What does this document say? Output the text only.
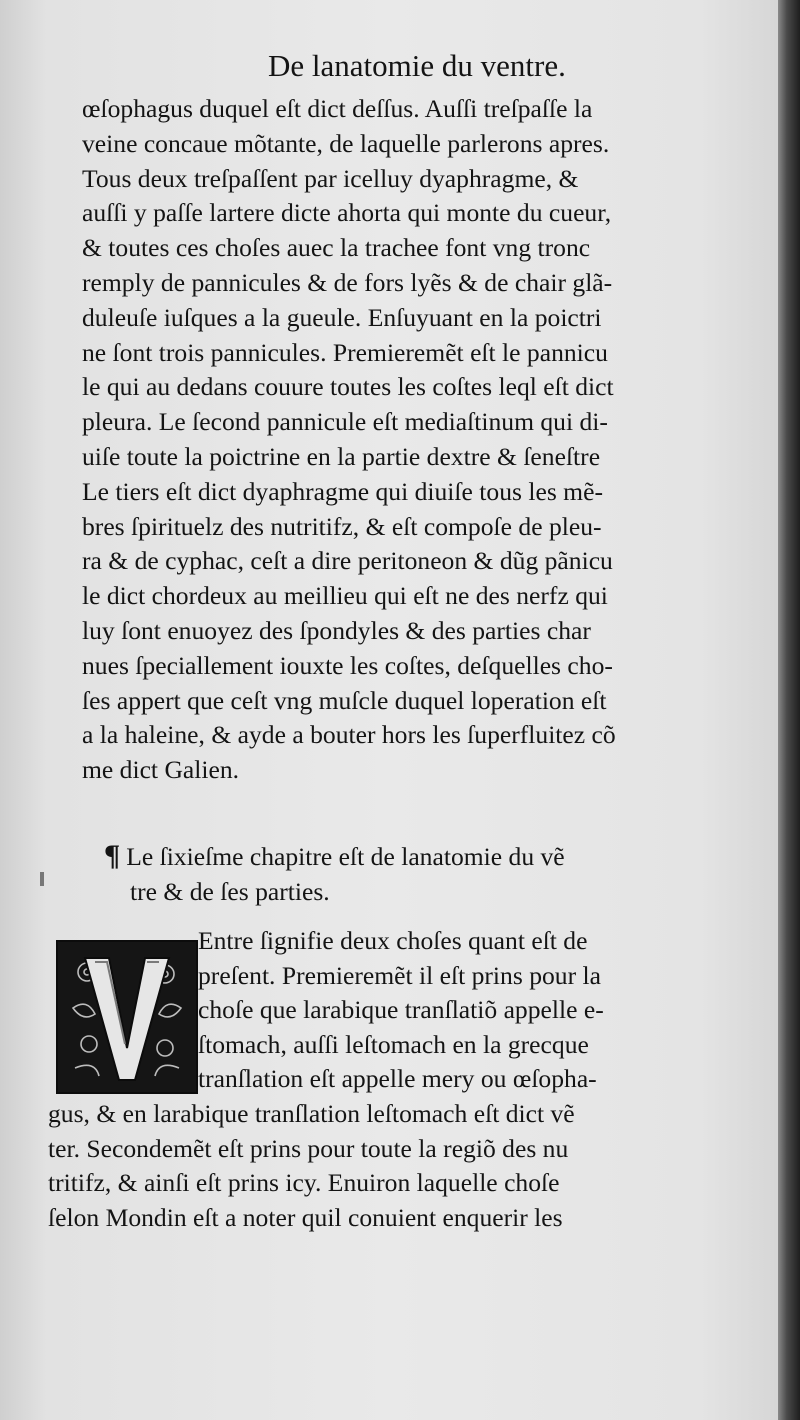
De lanatomie du ventre.
œſophagus duquel eſt dict deſſus. Auſſi treſpaſſe la
veine concaue mõtante, de laquelle parlerons apres.
Tous deux treſpaſſent par icelluy dyaphragme, &
auſſi y paſſe lartere dicte ahorta qui monte du cueur,
& toutes ces choſes auec la trachee font vng tronc
remply de pannicules & de fors lyẽs & de chair glã-
duleuſe iuſques a la gueule. Enſuyuant en la poictri
ne ſont trois pannicules. Premieremẽt eſt le pannicu
le qui au dedans couure toutes les coſtes leql eſt dict
pleura. Le ſecond pannicule eſt mediaſtinum qui di-
uiſe toute la poictrine en la partie dextre & ſeneſtre
Le tiers eſt dict dyaphragme qui diuiſe tous les mẽ-
bres ſpirituelz des nutritifz, & eſt compoſe de pleu-
ra & de cyphac, ceſt a dire peritoneon & dũg pãnicu
le dict chordeux au meillieu qui eſt ne des nerfz qui
luy ſont enuoyez des ſpondyles & des parties char
nues ſpeciallement iouxte les coſtes, deſquelles cho-
ſes appert que ceſt vng muſcle duquel loperation eſt
a la haleine, & ayde a bouter hors les ſuperfluitez cõ
me dict Galien.
¶ Le ſixieſme chapitre eſt de lanatomie du vẽ
tre & de ſes parties.
Entre ſignifie deux choſes quant eſt de
preſent. Premieremẽt il eſt prins pour la
choſe que larabique tranſlatiõ appelle e-
ſtomach, auſſi leſtomach en la grecque
tranſlation eſt appelle mery ou œſopha-
gus, & en larabique tranſlation leſtomach eſt dict vẽ
ter. Secondemẽt eſt prins pour toute la regiõ des nu
tritifz, & ainſi eſt prins icy. Enuiron laquelle choſe
ſelon Mondin eſt a noter quil conuient enquerir les
